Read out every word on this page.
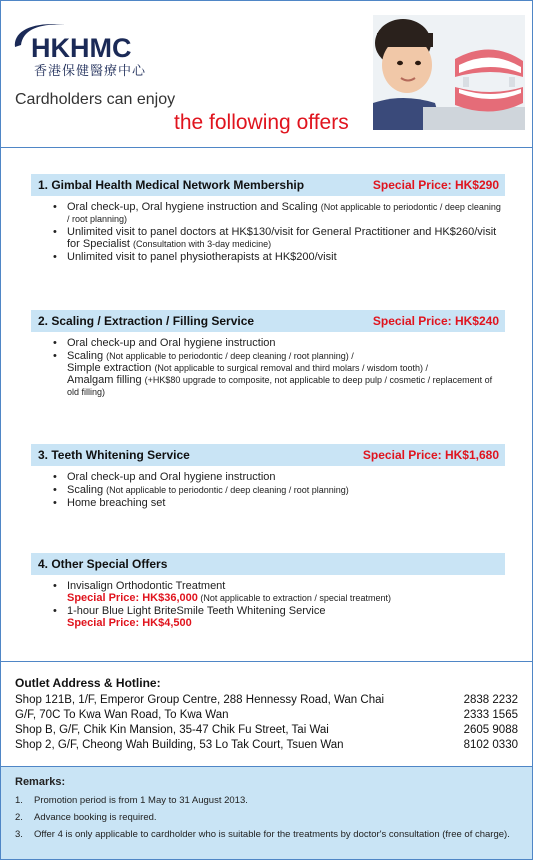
HKHMC
香港保健醫療中心
Cardholders can enjoy
the following offers
1. Gimbal Health Medical Network Membership	Special Price: HK$290
• Oral check-up, Oral hygiene instruction and Scaling (Not applicable to periodontic / deep cleaning / root planning)
• Unlimited visit to panel doctors at HK$130/visit for General Practitioner and HK$260/visit for Specialist (Consultation with 3-day medicine)
• Unlimited visit to panel physiotherapists at HK$200/visit
2. Scaling / Extraction / Filling Service	Special Price: HK$240
• Oral check-up and Oral hygiene instruction
• Scaling (Not applicable to periodontic / deep cleaning / root planning) /
Simple extraction (Not applicable to surgical removal and third molars / wisdom tooth) /
Amalgam filling (+HK$80 upgrade to composite, not applicable to deep pulp / cosmetic / replacement of old filling)
3. Teeth Whitening Service	Special Price: HK$1,680
• Oral check-up and Oral hygiene instruction
• Scaling (Not applicable to periodontic / deep cleaning / root planning)
• Home breaching set
4. Other Special Offers
• Invisalign Orthodontic Treatment
Special Price: HK$36,000 (Not applicable to extraction / special treatment)
• 1-hour Blue Light BriteSmile Teeth Whitening Service
Special Price: HK$4,500
Outlet Address & Hotline:
Shop 121B, 1/F, Emperor Group Centre, 288 Hennessy Road, Wan Chai	2838 2232
G/F, 70C To Kwa Wan Road, To Kwa Wan	2333 1565
Shop B, G/F, Chik Kin Mansion, 35-47 Chik Fu Street, Tai Wai	2605 9088
Shop 2, G/F, Cheong Wah Building, 53 Lo Tak Court, Tsuen Wan	8102 0330
Remarks:
1. Promotion period is from 1 May to 31 August 2013.
2. Advance booking is required.
3. Offer 4 is only applicable to cardholder who is suitable for the treatments by doctor's consultation (free of charge).
